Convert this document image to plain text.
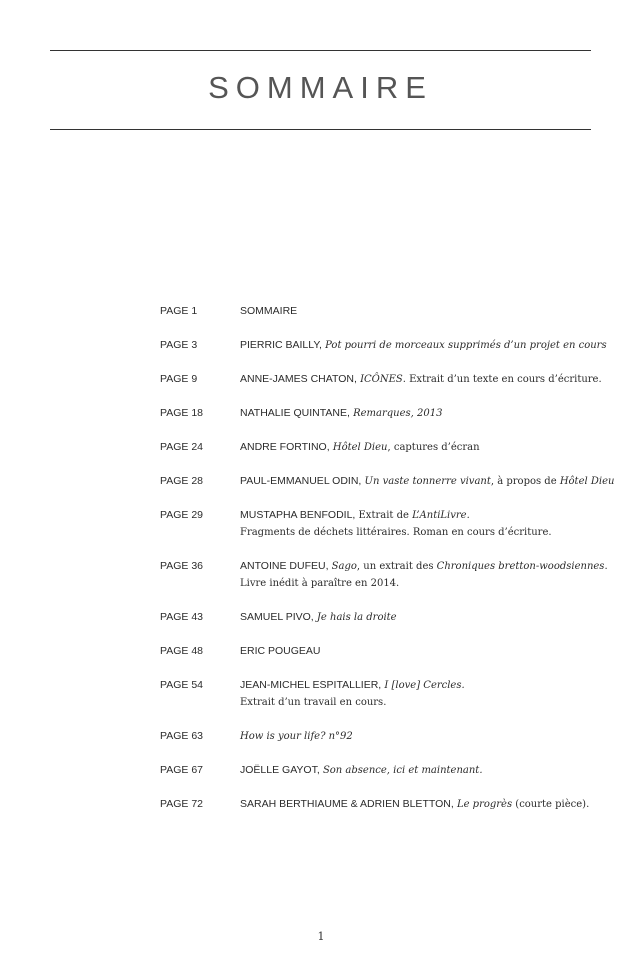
SOMMAIRE
PAGE 1	SOMMAIRE
PAGE 3	PIERRIC BAILLY, Pot pourri de morceaux supprimés d’un projet en cours
PAGE 9	ANNE-JAMES CHATON, ICÔNES. Extrait d’un texte en cours d’écriture.
PAGE 18	NATHALIE QUINTANE, Remarques, 2013
PAGE 24	ANDRE FORTINO, Hôtel Dieu, captures d’écran
PAGE 28	PAUL-EMMANUEL ODIN, Un vaste tonnerre vivant, à propos de Hôtel Dieu
PAGE 29	MUSTAPHA BENFODIL, Extrait de L’AntiLivre.
Fragments de déchets littéraires. Roman en cours d’écriture.
PAGE 36	ANTOINE DUFEU, Sago, un extrait des Chroniques bretton-woodsiennes.
Livre inédit à paraître en 2014.
PAGE 43	SAMUEL PIVO, Je hais la droite
PAGE 48	ERIC POUGEAU
PAGE 54	JEAN-MICHEL ESPITALLIER, I [love] Cercles.
Extrait d’un travail en cours.
PAGE 63	How is your life? n°92
PAGE 67	JOËLLE GAYOT, Son absence, ici et maintenant.
PAGE 72	SARAH BERTHIAUME & ADRIEN BLETTON, Le progrès (courte pièce).
1
